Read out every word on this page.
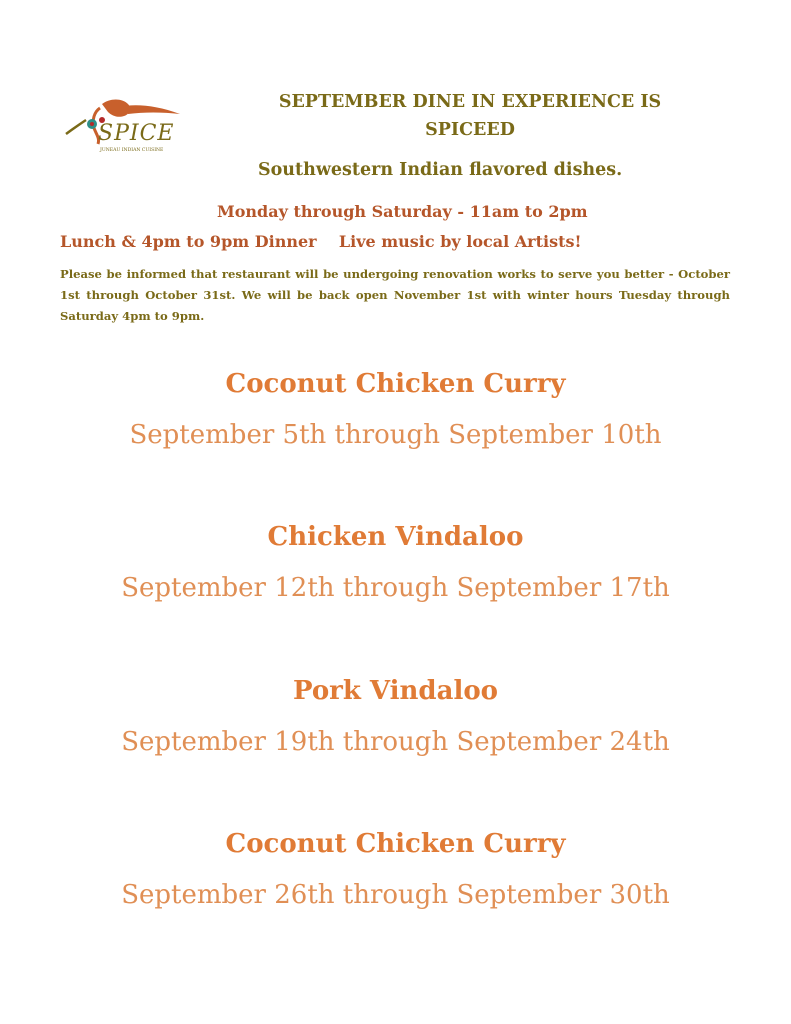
SPICE
JUNEAU INDIAN CUISINE
SEPTEMBER DINE IN EXPERIENCE IS
SPICEED
Southwestern Indian flavored dishes.
Monday through Saturday - 11am to 2pm
Lunch & 4pm to 9pm Dinner    Live music by local Artists!
Please be informed that restaurant will be undergoing renovation works to serve you better - October 1st through October 31st. We will be back open November 1st with winter hours Tuesday through Saturday 4pm to 9pm.
Coconut Chicken Curry
September 5th through September 10th
Chicken Vindaloo
September 12th through September 17th
Pork Vindaloo
September 19th through September 24th
Coconut Chicken Curry
September 26th through September 30th
